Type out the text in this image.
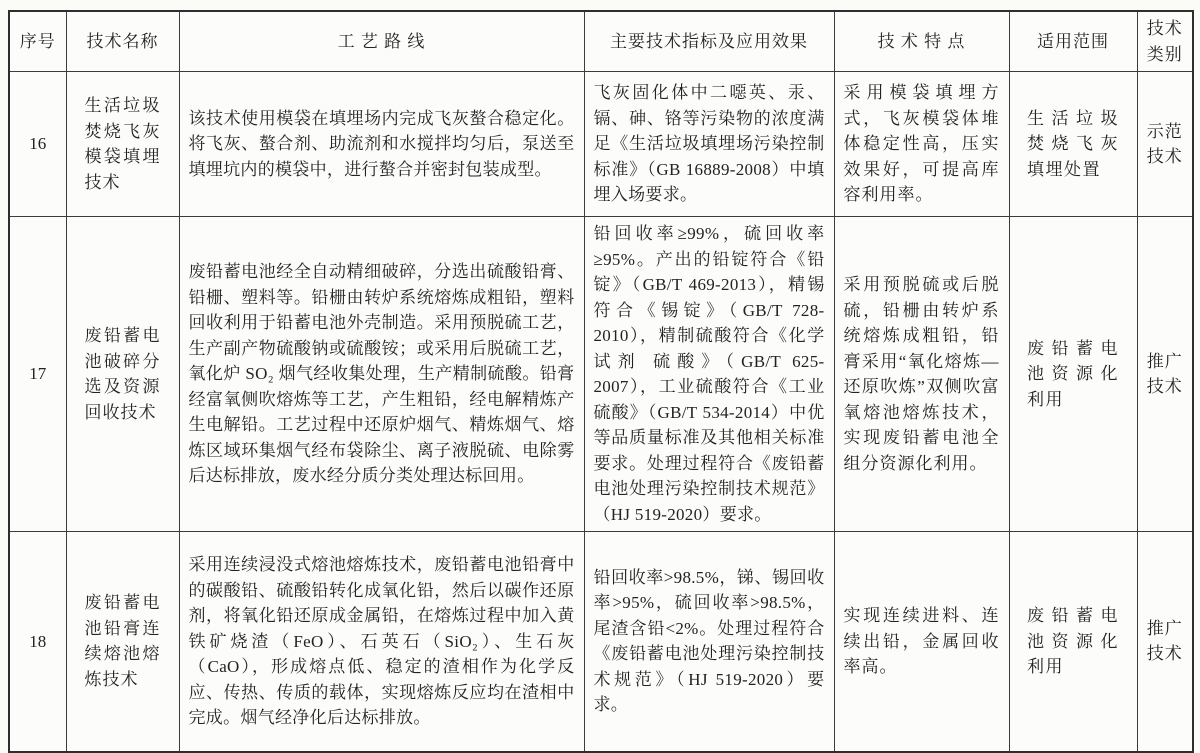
序号	技术名称	工 艺 路 线	主要技术指标及应用效果	技 术 特 点	适用范围	技术类别
16	生活垃圾焚烧飞灰模袋填埋技术	该技术使用模袋在填埋场内完成飞灰螯合稳定化。将飞灰、螯合剂、助流剂和水搅拌均匀后，泵送至填埋坑内的模袋中，进行螯合并密封包装成型。	飞灰固化体中二噁英、汞、镉、砷、铬等污染物的浓度满足《生活垃圾填埋场污染控制标准》（GB 16889-2008）中填埋入场要求。	采用模袋填埋方式，飞灰模袋体堆体稳定性高，压实效果好，可提高库容利用率。	生活垃圾焚烧飞灰填埋处置	示范技术
17	废铅蓄电池破碎分选及资源回收技术	废铅蓄电池经全自动精细破碎，分选出硫酸铅膏、铅栅、塑料等。铅栅由转炉系统熔炼成粗铅，塑料回收利用于铅蓄电池外壳制造。采用预脱硫工艺，生产副产物硫酸钠或硫酸铵；或采用后脱硫工艺，氧化炉 SO₂ 烟气经收集处理，生产精制硫酸。铅膏经富氧侧吹熔炼等工艺，产生粗铅，经电解精炼产生电解铅。工艺过程中还原炉烟气、精炼烟气、熔炼区域环集烟气经布袋除尘、离子液脱硫、电除雾后达标排放，废水经分质分类处理达标回用。	铅回收率≥99%，硫回收率≥95%。产出的铅锭符合《铅锭》（GB/T 469-2013），精锡符合《锡锭》（GB/T 728-2010），精制硫酸符合《化学试剂 硫酸》（GB/T 625-2007），工业硫酸符合《工业硫酸》（GB/T 534-2014）中优等品质量标准及其他相关标准要求。处理过程符合《废铅蓄电池处理污染控制技术规范》（HJ 519-2020）要求。	采用预脱硫或后脱硫，铅栅由转炉系统熔炼成粗铅，铅膏采用“氧化熔炼—还原吹炼”双侧吹富氧熔池熔炼技术，实现废铅蓄电池全组分资源化利用。	废铅蓄电池资源化利用	推广技术
18	废铅蓄电池铅膏连续熔池熔炼技术	采用连续浸没式熔池熔炼技术，废铅蓄电池铅膏中的碳酸铅、硫酸铅转化成氧化铅，然后以碳作还原剂，将氧化铅还原成金属铅，在熔炼过程中加入黄铁矿烧渣（FeO）、石英石（SiO₂）、生石灰（CaO），形成熔点低、稳定的渣相作为化学反应、传热、传质的载体，实现熔炼反应均在渣相中完成。烟气经净化后达标排放。	铅回收率>98.5%，锑、锡回收率>95%，硫回收率>98.5%，尾渣含铅<2%。处理过程符合《废铅蓄电池处理污染控制技术规范》（HJ 519-2020）要求。	实现连续进料、连续出铅，金属回收率高。	废铅蓄电池资源化利用	推广技术
